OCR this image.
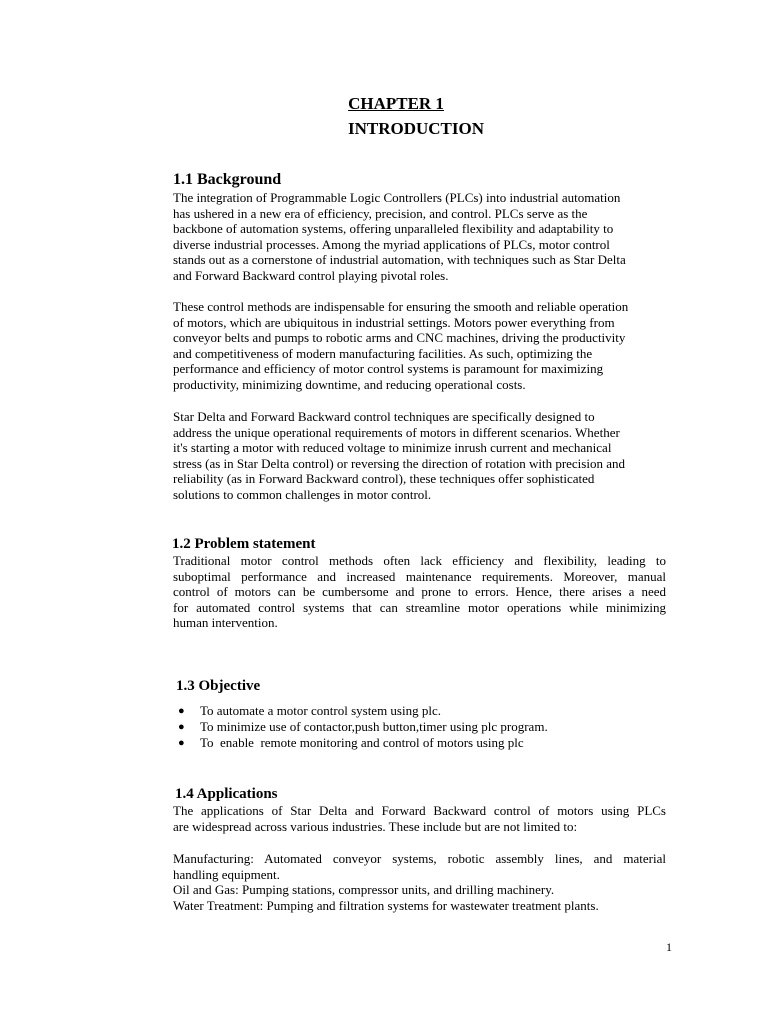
CHAPTER 1
INTRODUCTION
1.1 Background
The integration of Programmable Logic Controllers (PLCs) into industrial automation
has ushered in a new era of efficiency, precision, and control. PLCs serve as the
backbone of automation systems, offering unparalleled flexibility and adaptability to
diverse industrial processes. Among the myriad applications of PLCs, motor control
stands out as a cornerstone of industrial automation, with techniques such as Star Delta
and Forward Backward control playing pivotal roles.
These control methods are indispensable for ensuring the smooth and reliable operation
of motors, which are ubiquitous in industrial settings. Motors power everything from
conveyor belts and pumps to robotic arms and CNC machines, driving the productivity
and competitiveness of modern manufacturing facilities. As such, optimizing the
performance and efficiency of motor control systems is paramount for maximizing
productivity, minimizing downtime, and reducing operational costs.
Star Delta and Forward Backward control techniques are specifically designed to
address the unique operational requirements of motors in different scenarios. Whether
it's starting a motor with reduced voltage to minimize inrush current and mechanical
stress (as in Star Delta control) or reversing the direction of rotation with precision and
reliability (as in Forward Backward control), these techniques offer sophisticated
solutions to common challenges in motor control.
1.2 Problem statement
Traditional motor control methods often lack efficiency and flexibility, leading to
suboptimal performance and increased maintenance requirements. Moreover, manual
control of motors can be cumbersome and prone to errors. Hence, there arises a need
for automated control systems that can streamline motor operations while minimizing
human intervention.
1.3 Objective
● To automate a motor control system using plc.
● To minimize use of contactor,push button,timer using plc program.
● To  enable  remote monitoring and control of motors using plc
1.4 Applications
The applications of Star Delta and Forward Backward control of motors using PLCs
are widespread across various industries. These include but are not limited to:
Manufacturing: Automated conveyor systems, robotic assembly lines, and material
handling equipment.
Oil and Gas: Pumping stations, compressor units, and drilling machinery.
Water Treatment: Pumping and filtration systems for wastewater treatment plants.
1
